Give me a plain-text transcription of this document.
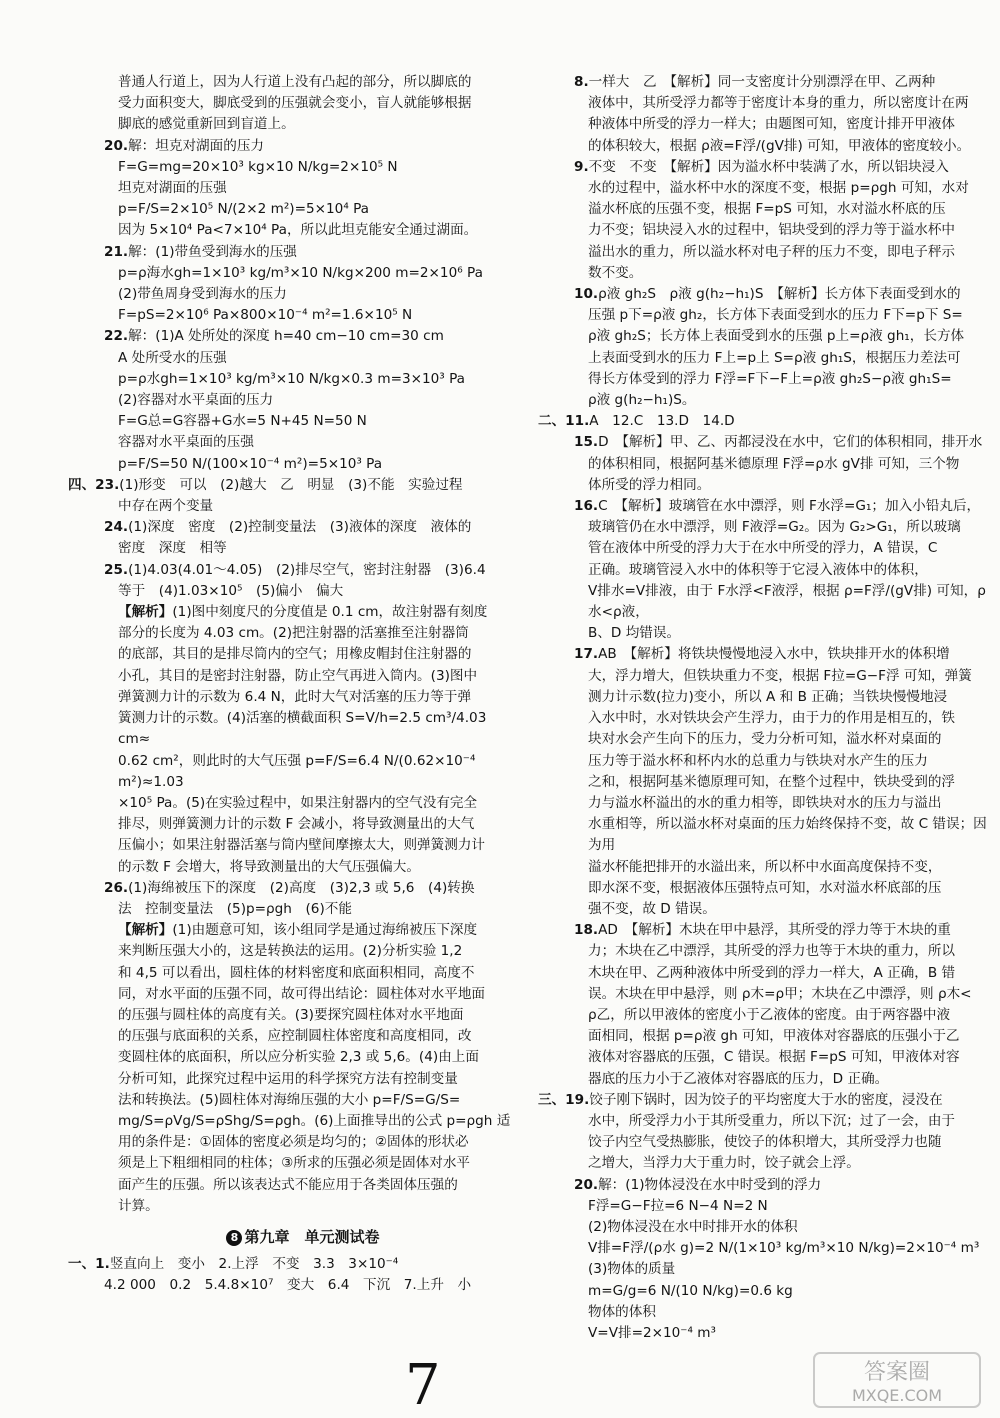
普通人行道上，因为人行道上没有凸起的部分，所以脚底的
受力面积变大，脚底受到的压强就会变小，盲人就能够根据
脚底的感觉重新回到盲道上。
20.解：坦克对湖面的压力
F=G=mg=20×10³ kg×10 N/kg=2×10⁵ N
坦克对湖面的压强
p=F/S=2×10⁵ N/(2×2 m²)=5×10⁴ Pa
因为 5×10⁴ Pa<7×10⁴ Pa，所以此坦克能安全通过湖面。
21.解：(1)带鱼受到海水的压强
p=ρ海水gh=1×10³ kg/m³×10 N/kg×200 m=2×10⁶ Pa
(2)带鱼周身受到海水的压力
F=pS=2×10⁶ Pa×800×10⁻⁴ m²=1.6×10⁵ N
22.解：(1)A 处所处的深度 h=40 cm−10 cm=30 cm
A 处所受水的压强
p=ρ水gh=1×10³ kg/m³×10 N/kg×0.3 m=3×10³ Pa
(2)容器对水平桌面的压力
F=G总=G容器+G水=5 N+45 N=50 N
容器对水平桌面的压强
p=F/S=50 N/(100×10⁻⁴ m²)=5×10³ Pa
四、23.(1)形变　可以　(2)越大　乙　明显　(3)不能　实验过程
中存在两个变量
24.(1)深度　密度　(2)控制变量法　(3)液体的深度　液体的
密度　深度　相等
25.(1)4.03(4.01～4.05)　(2)排尽空气，密封注射器　(3)6.4
等于　(4)1.03×10⁵　(5)偏小　偏大
【解析】(1)图中刻度尺的分度值是 0.1 cm，故注射器有刻度
部分的长度为 4.03 cm。(2)把注射器的活塞推至注射器筒
的底部，其目的是排尽筒内的空气；用橡皮帽封住注射器的
小孔，其目的是密封注射器，防止空气再进入筒内。(3)图中
弹簧测力计的示数为 6.4 N，此时大气对活塞的压力等于弹
簧测力计的示数。(4)活塞的横截面积 S=V/h=2.5 cm³/4.03 cm≈
0.62 cm²，则此时的大气压强 p=F/S=6.4 N/(0.62×10⁻⁴ m²)≈1.03
×10⁵ Pa。(5)在实验过程中，如果注射器内的空气没有完全
排尽，则弹簧测力计的示数 F 会减小，将导致测量出的大气
压偏小；如果注射器活塞与筒内壁间摩擦太大，则弹簧测力计
的示数 F 会增大，将导致测量出的大气压强偏大。
26.(1)海绵被压下的深度　(2)高度　(3)2,3 或 5,6　(4)转换
法　控制变量法　(5)p=ρgh　(6)不能
【解析】(1)由题意可知，该小组同学是通过海绵被压下深度
来判断压强大小的，这是转换法的运用。(2)分析实验 1,2
和 4,5 可以看出，圆柱体的材料密度和底面积相同，高度不
同，对水平面的压强不同，故可得出结论：圆柱体对水平地面
的压强与圆柱体的高度有关。(3)要探究圆柱体对水平地面
的压强与底面积的关系，应控制圆柱体密度和高度相同，改
变圆柱体的底面积，所以应分析实验 2,3 或 5,6。(4)由上面
分析可知，此探究过程中运用的科学探究方法有控制变量
法和转换法。(5)圆柱体对海绵压强的大小 p=F/S=G/S=
mg/S=ρVg/S=ρShg/S=ρgh。(6)上面推导出的公式 p=ρgh 适
用的条件是：①固体的密度必须是均匀的；②固体的形状必
须是上下粗细相同的柱体；③所求的压强必须是固体对水平
面产生的压强。所以该表达式不能应用于各类固体压强的
计算。
8 第九章　单元测试卷
一、1.竖直向上　变小　2.上浮　不变　3.3　3×10⁻⁴
4.2 000　0.2　5.4.8×10⁷　变大　6.4　下沉　7.上升　小
8.一样大　乙　【解析】同一支密度计分别漂浮在甲、乙两种
液体中，其所受浮力都等于密度计本身的重力，所以密度计在两
种液体中所受的浮力一样大；由题图可知，密度计排开甲液体
的体积较大，根据 ρ液=F浮/(gV排) 可知，甲液体的密度较小。
9.不变　不变　【解析】因为溢水杯中装满了水，所以铝块浸入
水的过程中，溢水杯中水的深度不变，根据 p=ρgh 可知，水对
溢水杯底的压强不变，根据 F=pS 可知，水对溢水杯底的压
力不变；铝块浸入水的过程中，铝块受到的浮力等于溢水杯中
溢出水的重力，所以溢水杯对电子秤的压力不变，即电子秤示
数不变。
10.ρ液 gh₂S　ρ液 g(h₂−h₁)S　【解析】长方体下表面受到水的
压强 p下=ρ液 gh₂，长方体下表面受到水的压力 F下=p下 S=
ρ液 gh₂S；长方体上表面受到水的压强 p上=ρ液 gh₁，长方体
上表面受到水的压力 F上=p上 S=ρ液 gh₁S，根据压力差法可
得长方体受到的浮力 F浮=F下−F上=ρ液 gh₂S−ρ液 gh₁S=
ρ液 g(h₂−h₁)S。
二、11.A　12.C　13.D　14.D
15.D　【解析】甲、乙、丙都浸没在水中，它们的体积相同，排开水
的体积相同，根据阿基米德原理 F浮=ρ水 gV排 可知，三个物
体所受的浮力相同。
16.C　【解析】玻璃管在水中漂浮，则 F水浮=G₁；加入小铅丸后，
玻璃管仍在水中漂浮，则 F液浮=G₂。因为 G₂>G₁，所以玻璃
管在液体中所受的浮力大于在水中所受的浮力，A 错误，C
正确。玻璃管浸入水中的体积等于它浸入液体中的体积，
V排水=V排液，由于 F水浮<F液浮，根据 ρ=F浮/(gV排) 可知，ρ水<ρ液，
B、D 均错误。
17.AB　【解析】将铁块慢慢地浸入水中，铁块排开水的体积增
大，浮力增大，但铁块重力不变，根据 F拉=G−F浮 可知，弹簧
测力计示数(拉力)变小，所以 A 和 B 正确；当铁块慢慢地浸
入水中时，水对铁块会产生浮力，由于力的作用是相互的，铁
块对水会产生向下的压力，受力分析可知，溢水杯对桌面的
压力等于溢水杯和杯内水的总重力与铁块对水产生的压力
之和，根据阿基米德原理可知，在整个过程中，铁块受到的浮
力与溢水杯溢出的水的重力相等，即铁块对水的压力与溢出
水重相等，所以溢水杯对桌面的压力始终保持不变，故 C 错误；因为用
溢水杯能把排开的水溢出来，所以杯中水面高度保持不变，
即水深不变，根据液体压强特点可知，水对溢水杯底部的压
强不变，故 D 错误。
18.AD　【解析】木块在甲中悬浮，其所受的浮力等于木块的重
力；木块在乙中漂浮，其所受的浮力也等于木块的重力，所以
木块在甲、乙两种液体中所受到的浮力一样大，A 正确，B 错
误。木块在甲中悬浮，则 ρ木=ρ甲；木块在乙中漂浮，则 ρ木<
ρ乙，所以甲液体的密度小于乙液体的密度。由于两容器中液
面相同，根据 p=ρ液 gh 可知，甲液体对容器底的压强小于乙
液体对容器底的压强，C 错误。根据 F=pS 可知，甲液体对容
器底的压力小于乙液体对容器底的压力，D 正确。
三、19.饺子刚下锅时，因为饺子的平均密度大于水的密度，浸没在
水中，所受浮力小于其所受重力，所以下沉；过了一会，由于
饺子内空气受热膨胀，使饺子的体积增大，其所受浮力也随
之增大，当浮力大于重力时，饺子就会上浮。
20.解：(1)物体浸没在水中时受到的浮力
F浮=G−F拉=6 N−4 N=2 N
(2)物体浸没在水中时排开水的体积
V排=F浮/(ρ水 g)=2 N/(1×10³ kg/m³×10 N/kg)=2×10⁻⁴ m³
(3)物体的质量
m=G/g=6 N/(10 N/kg)=0.6 kg
物体的体积
V=V排=2×10⁻⁴ m³
7	答案圈
MXQE.COM
